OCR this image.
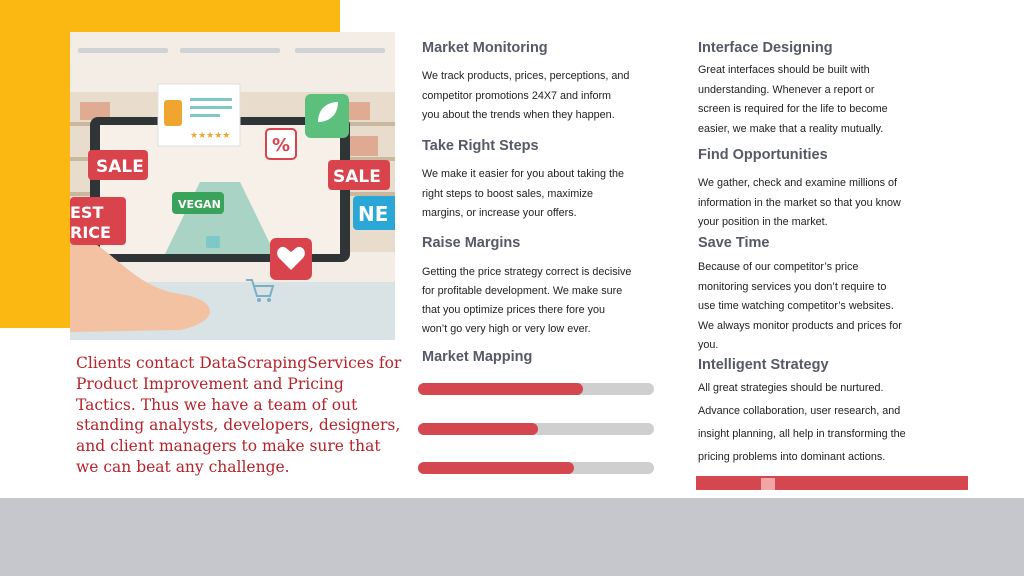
★★★★★
SALE
VEGAN
%
SALE
EST
RICE
NE

Clients contact DataScrapingServices for Product Improvement and Pricing Tactics. Thus we have a team of out standing analysts, developers, designers, and client managers to make sure that we can beat any challenge.

Market Monitoring

We track products, prices, perceptions, and
competitor promotions 24X7 and inform
you about the trends when they happen.

Take Right Steps

We make it easier for you about taking the
right steps to boost sales, maximize
margins, or increase your offers.

Raise Margins

Getting the price strategy correct is decisive
for profitable development. We make sure
that you optimize prices there fore you
won’t go very high or very low ever.

Market Mapping
Interface Designing

Great interfaces should be built with
understanding. Whenever a report or
screen is required for the life to become
easier, we make that a reality mutually.

Find Opportunities

We gather, check and examine millions of
information in the market so that you know
your position in the market.

Save Time

Because of our competitor’s price
monitoring services you don’t require to
use time watching competitor’s websites.
We always monitor products and prices for
you.

Intelligent Strategy

All great strategies should be nurtured.
Advance collaboration, user research, and
insight planning, all help in transforming the
pricing problems into dominant actions.
